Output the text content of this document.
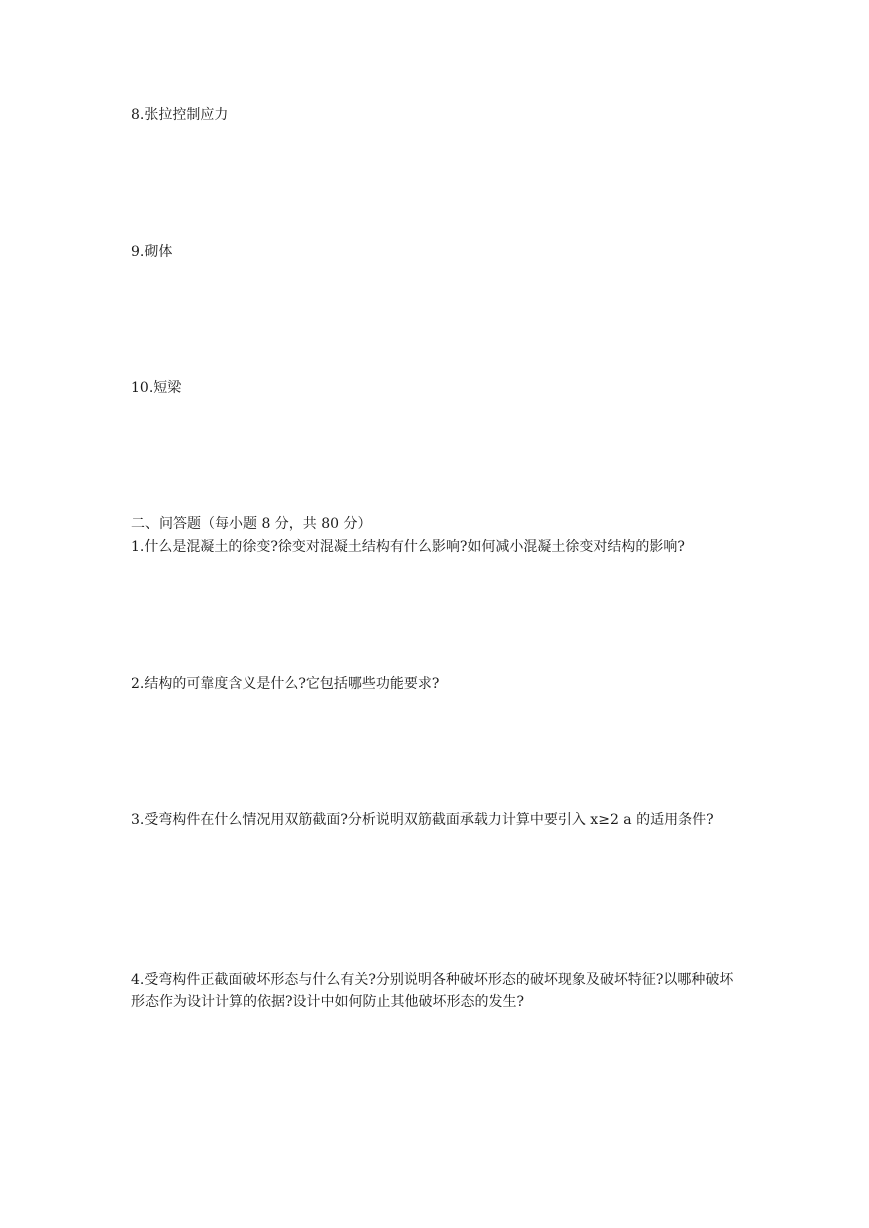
8.张拉控制应力
9.砌体
10.短梁
二、问答题（每小题 8 分，共 80 分）
1.什么是混凝土的徐变?徐变对混凝土结构有什么影响?如何减小混凝土徐变对结构的影响?
2.结构的可靠度含义是什么?它包括哪些功能要求?
3.受弯构件在什么情况用双筋截面?分析说明双筋截面承载力计算中要引入 x≥2 a 的适用条件?
4.受弯构件正截面破坏形态与什么有关?分别说明各种破坏形态的破坏现象及破坏特征?以哪种破坏形态作为设计计算的依据?设计中如何防止其他破坏形态的发生?
